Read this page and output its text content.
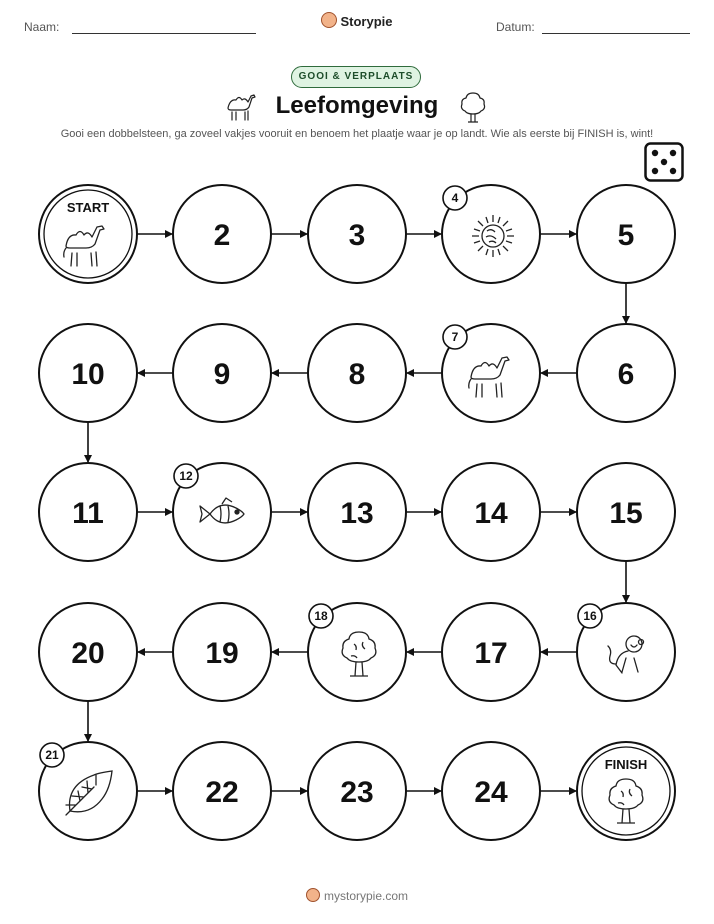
Naam:	Storypie	Datum:
GOOI & VERPLAATS
Leefomgeving
Gooi een dobbelsteen, ga zoveel vakjes vooruit en benoem het plaatje waar je op landt. Wie als eerste bij FINISH is, wint!
START
2	3
4
5
6
7
8
9
10
11
12
13	14	15
16
17
18
19
20
21
22	23	24
FINISH
mystorypie.com
